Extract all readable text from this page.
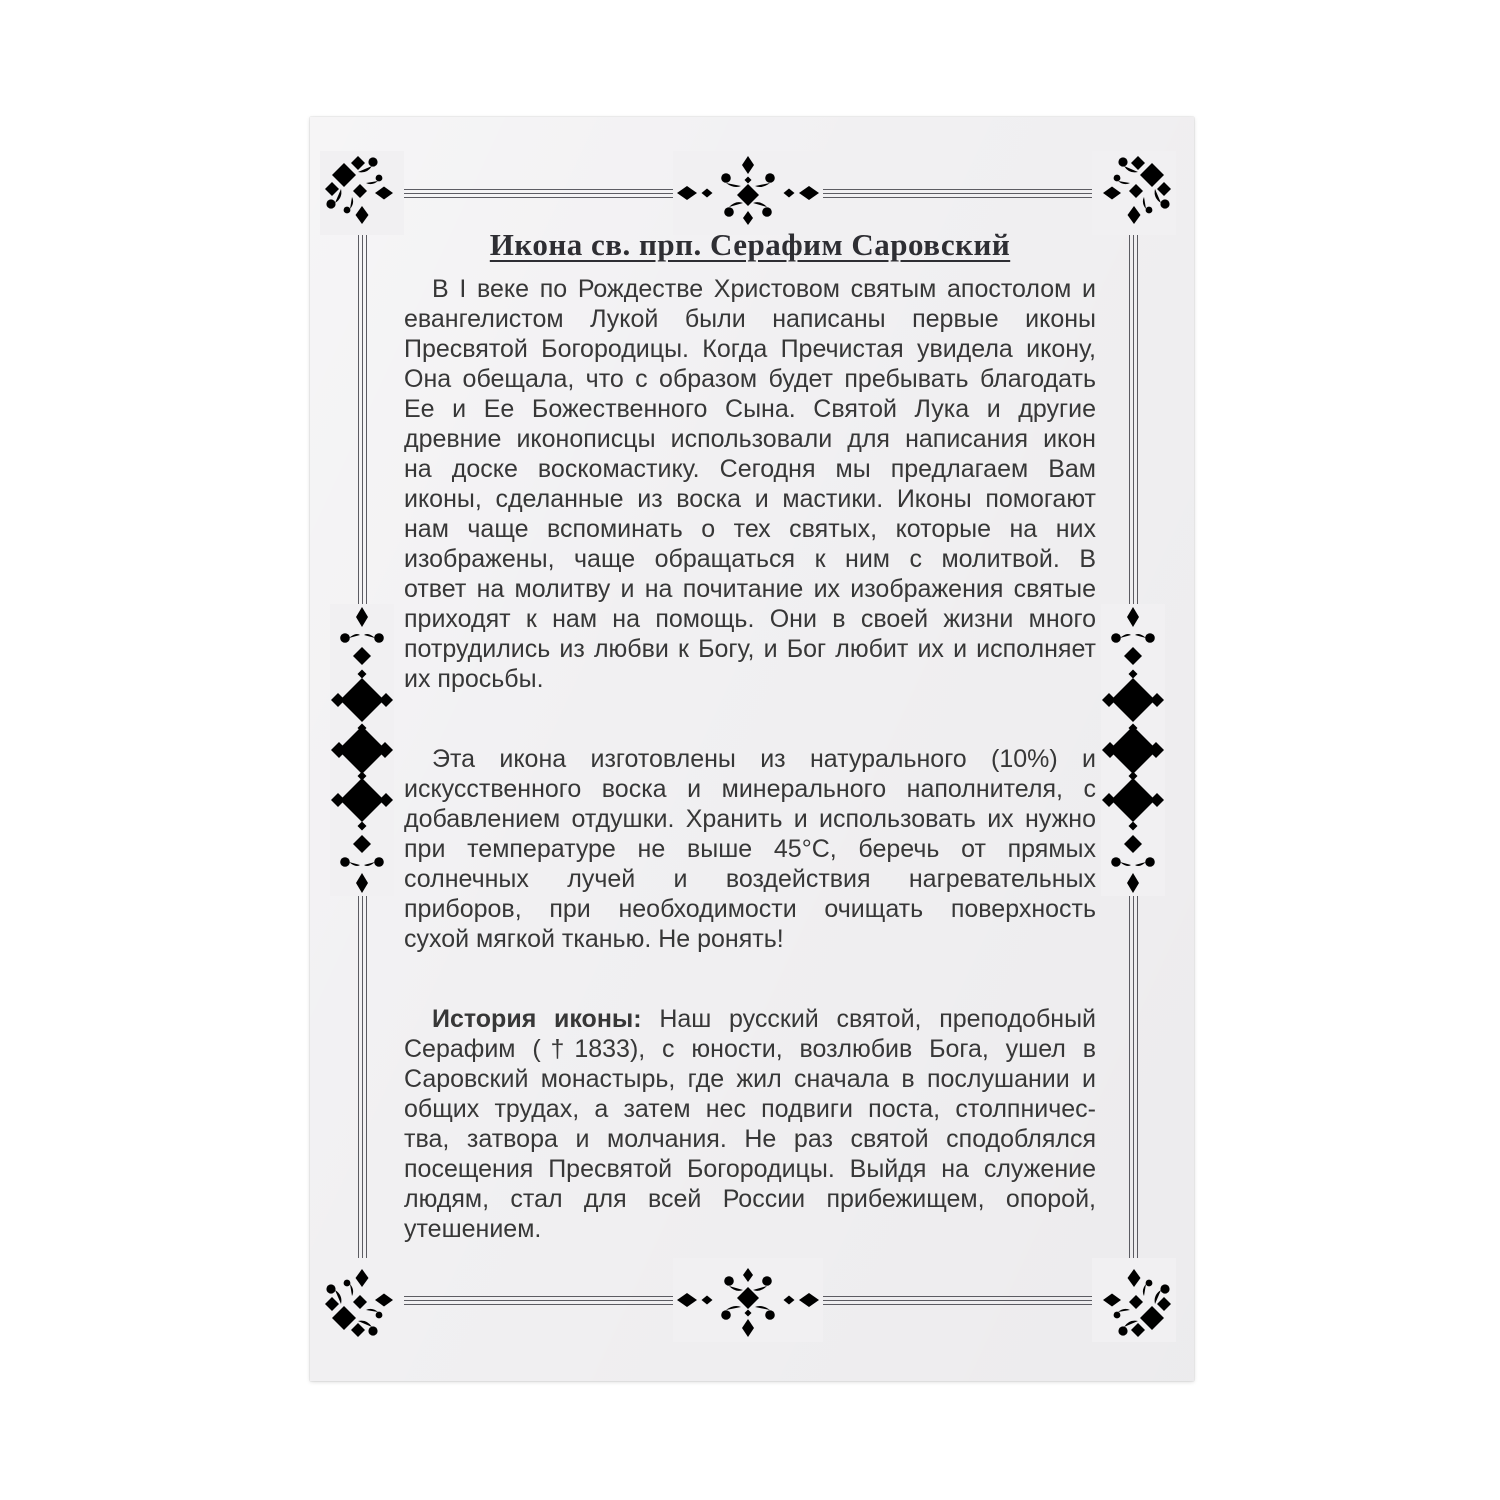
Икона св. прп. Серафим Саровский
В I веке по Рождестве Христовом святым апостолом и
евангелистом Лукой были написаны первые иконы
Пресвятой Богородицы. Когда Пречистая увидела икону,
Она обещала, что с образом будет пребывать благодать
Ее и Ее Божественного Сына. Святой Лука и другие
древние иконописцы использовали для написания икон
на доске воскомастику. Сегодня мы предлагаем Вам
иконы, сделанные из воска и мастики. Иконы помогают
нам чаще вспоминать о тех святых, которые на них
изображены, чаще обращаться к ним с молитвой. В
ответ на молитву и на почитание их изображения святые
приходят к нам на помощь. Они в своей жизни много
потрудились из любви к Богу, и Бог любит их и исполняет
их просьбы.
Эта икона изготовлены из натурального (10%) и
искусственного воска и минерального наполнителя, с
добавлением отдушки. Хранить и использовать их нужно
при температуре не выше 45°С, беречь от прямых
солнечных лучей и воздействия нагревательных
приборов, при необходимости очищать поверхность
сухой мягкой тканью. Не ронять!
История иконы: Наш русский святой, преподобный
Серафим (†1833), с юности, возлюбив Бога, ушел в
Саровский монастырь, где жил сначала в послушании и
общих трудах, а затем нес подвиги поста, столпничес-
тва, затвора и молчания. Не раз святой сподоблялся
посещения Пресвятой Богородицы. Выйдя на служение
людям, стал для всей России прибежищем, опорой,
утешением.
